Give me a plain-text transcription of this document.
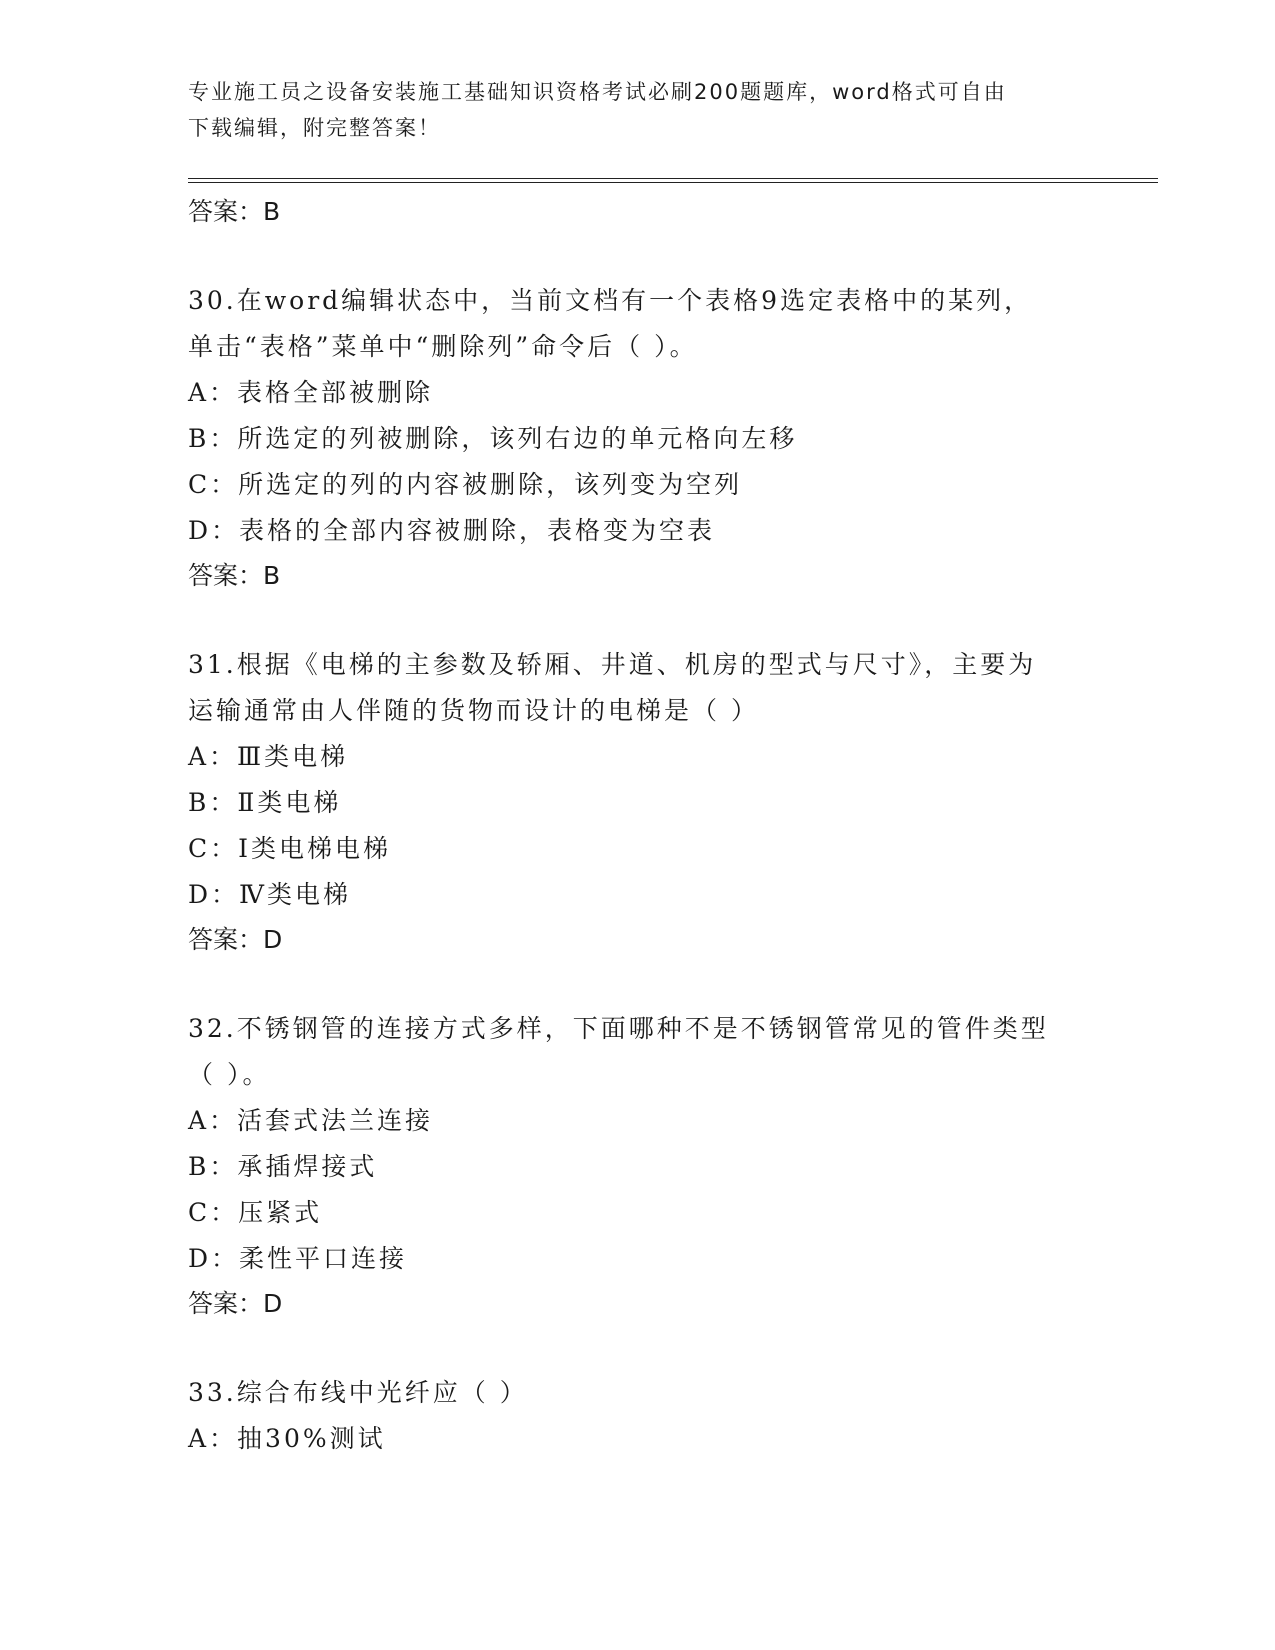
专业施工员之设备安装施工基础知识资格考试必刷200题题库，word格式可自由
下载编辑，附完整答案！
答案：B
30.在word编辑状态中，当前文档有一个表格9选定表格中的某列，
单击“表格”菜单中“删除列”命令后（ ）。
A：表格全部被删除
B：所选定的列被删除，该列右边的单元格向左移
C：所选定的列的内容被删除，该列变为空列
D：表格的全部内容被删除，表格变为空表
答案：B
31.根据《电梯的主参数及轿厢、井道、机房的型式与尺寸》，主要为
运输通常由人伴随的货物而设计的电梯是（ ）
A：Ⅲ类电梯
B：Ⅱ类电梯
C：Ⅰ类电梯电梯
D：Ⅳ类电梯
答案：D
32.不锈钢管的连接方式多样，下面哪种不是不锈钢管常见的管件类型
（ ）。
A：活套式法兰连接
B：承插焊接式
C：压紧式
D：柔性平口连接
答案：D
33.综合布线中光纤应（ ）
A：抽30%测试
